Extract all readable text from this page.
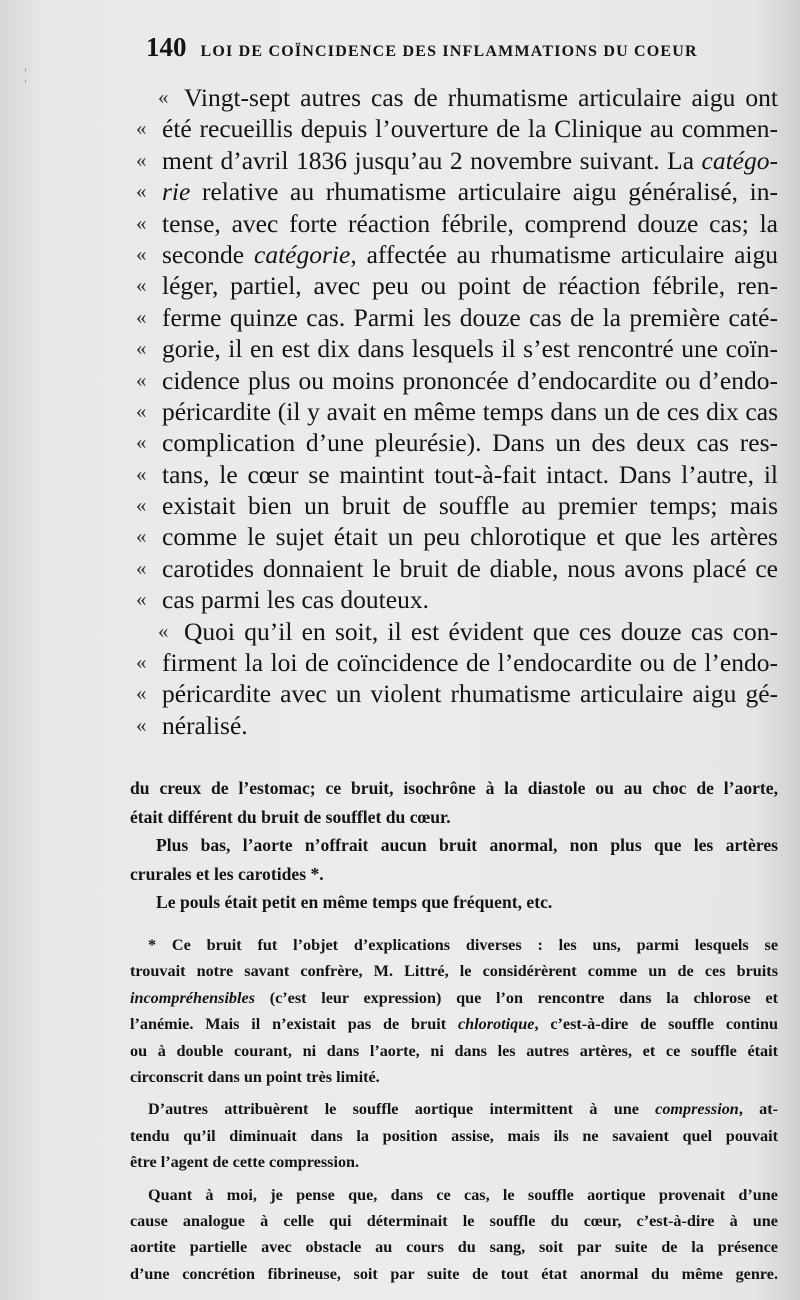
' '
140 LOI DE COÏNCIDENCE DES INFLAMMATIONS DU COEUR
« Vingt-sept autres cas de rhumatisme articulaire aigu ont
« été recueillis depuis l’ouverture de la Clinique au commen-
« ment d’avril 1836 jusqu’au 2 novembre suivant. La catégo-
« rie relative au rhumatisme articulaire aigu généralisé, in-
« tense, avec forte réaction fébrile, comprend douze cas; la
« seconde catégorie, affectée au rhumatisme articulaire aigu
« léger, partiel, avec peu ou point de réaction fébrile, ren-
« ferme quinze cas. Parmi les douze cas de la première caté-
« gorie, il en est dix dans lesquels il s’est rencontré une coïn-
« cidence plus ou moins prononcée d’endocardite ou d’endo-
« péricardite (il y avait en même temps dans un de ces dix cas
« complication d’une pleurésie). Dans un des deux cas res-
« tans, le cœur se maintint tout-à-fait intact. Dans l’autre, il
« existait bien un bruit de souffle au premier temps; mais
« comme le sujet était un peu chlorotique et que les artères
« carotides donnaient le bruit de diable, nous avons placé ce
« cas parmi les cas douteux.
« Quoi qu’il en soit, il est évident que ces douze cas con-
« firment la loi de coïncidence de l’endocardite ou de l’endo-
« péricardite avec un violent rhumatisme articulaire aigu gé-
« néralisé.
du creux de l’estomac; ce bruit, isochrône à la diastole ou au choc de l’aorte,
était différent du bruit de soufflet du cœur.
Plus bas, l’aorte n’offrait aucun bruit anormal, non plus que les artères
crurales et les carotides *.
Le pouls était petit en même temps que fréquent, etc.
* Ce bruit fut l’objet d’explications diverses : les uns, parmi lesquels se
trouvait notre savant confrère, M. Littré, le considérèrent comme un de ces bruits
incompréhensibles (c’est leur expression) que l’on rencontre dans la chlorose et
l’anémie. Mais il n’existait pas de bruit chlorotique, c’est-à-dire de souffle continu
ou à double courant, ni dans l’aorte, ni dans les autres artères, et ce souffle était
circonscrit dans un point très limité.
D’autres attribuèrent le souffle aortique intermittent à une compression, at-
tendu qu’il diminuait dans la position assise, mais ils ne savaient quel pouvait
être l’agent de cette compression.
Quant à moi, je pense que, dans ce cas, le souffle aortique provenait d’une
cause analogue à celle qui déterminait le souffle du cœur, c’est-à-dire à une
aortite partielle avec obstacle au cours du sang, soit par suite de la présence
d’une concrétion fibrineuse, soit par suite de tout état anormal du même genre.
